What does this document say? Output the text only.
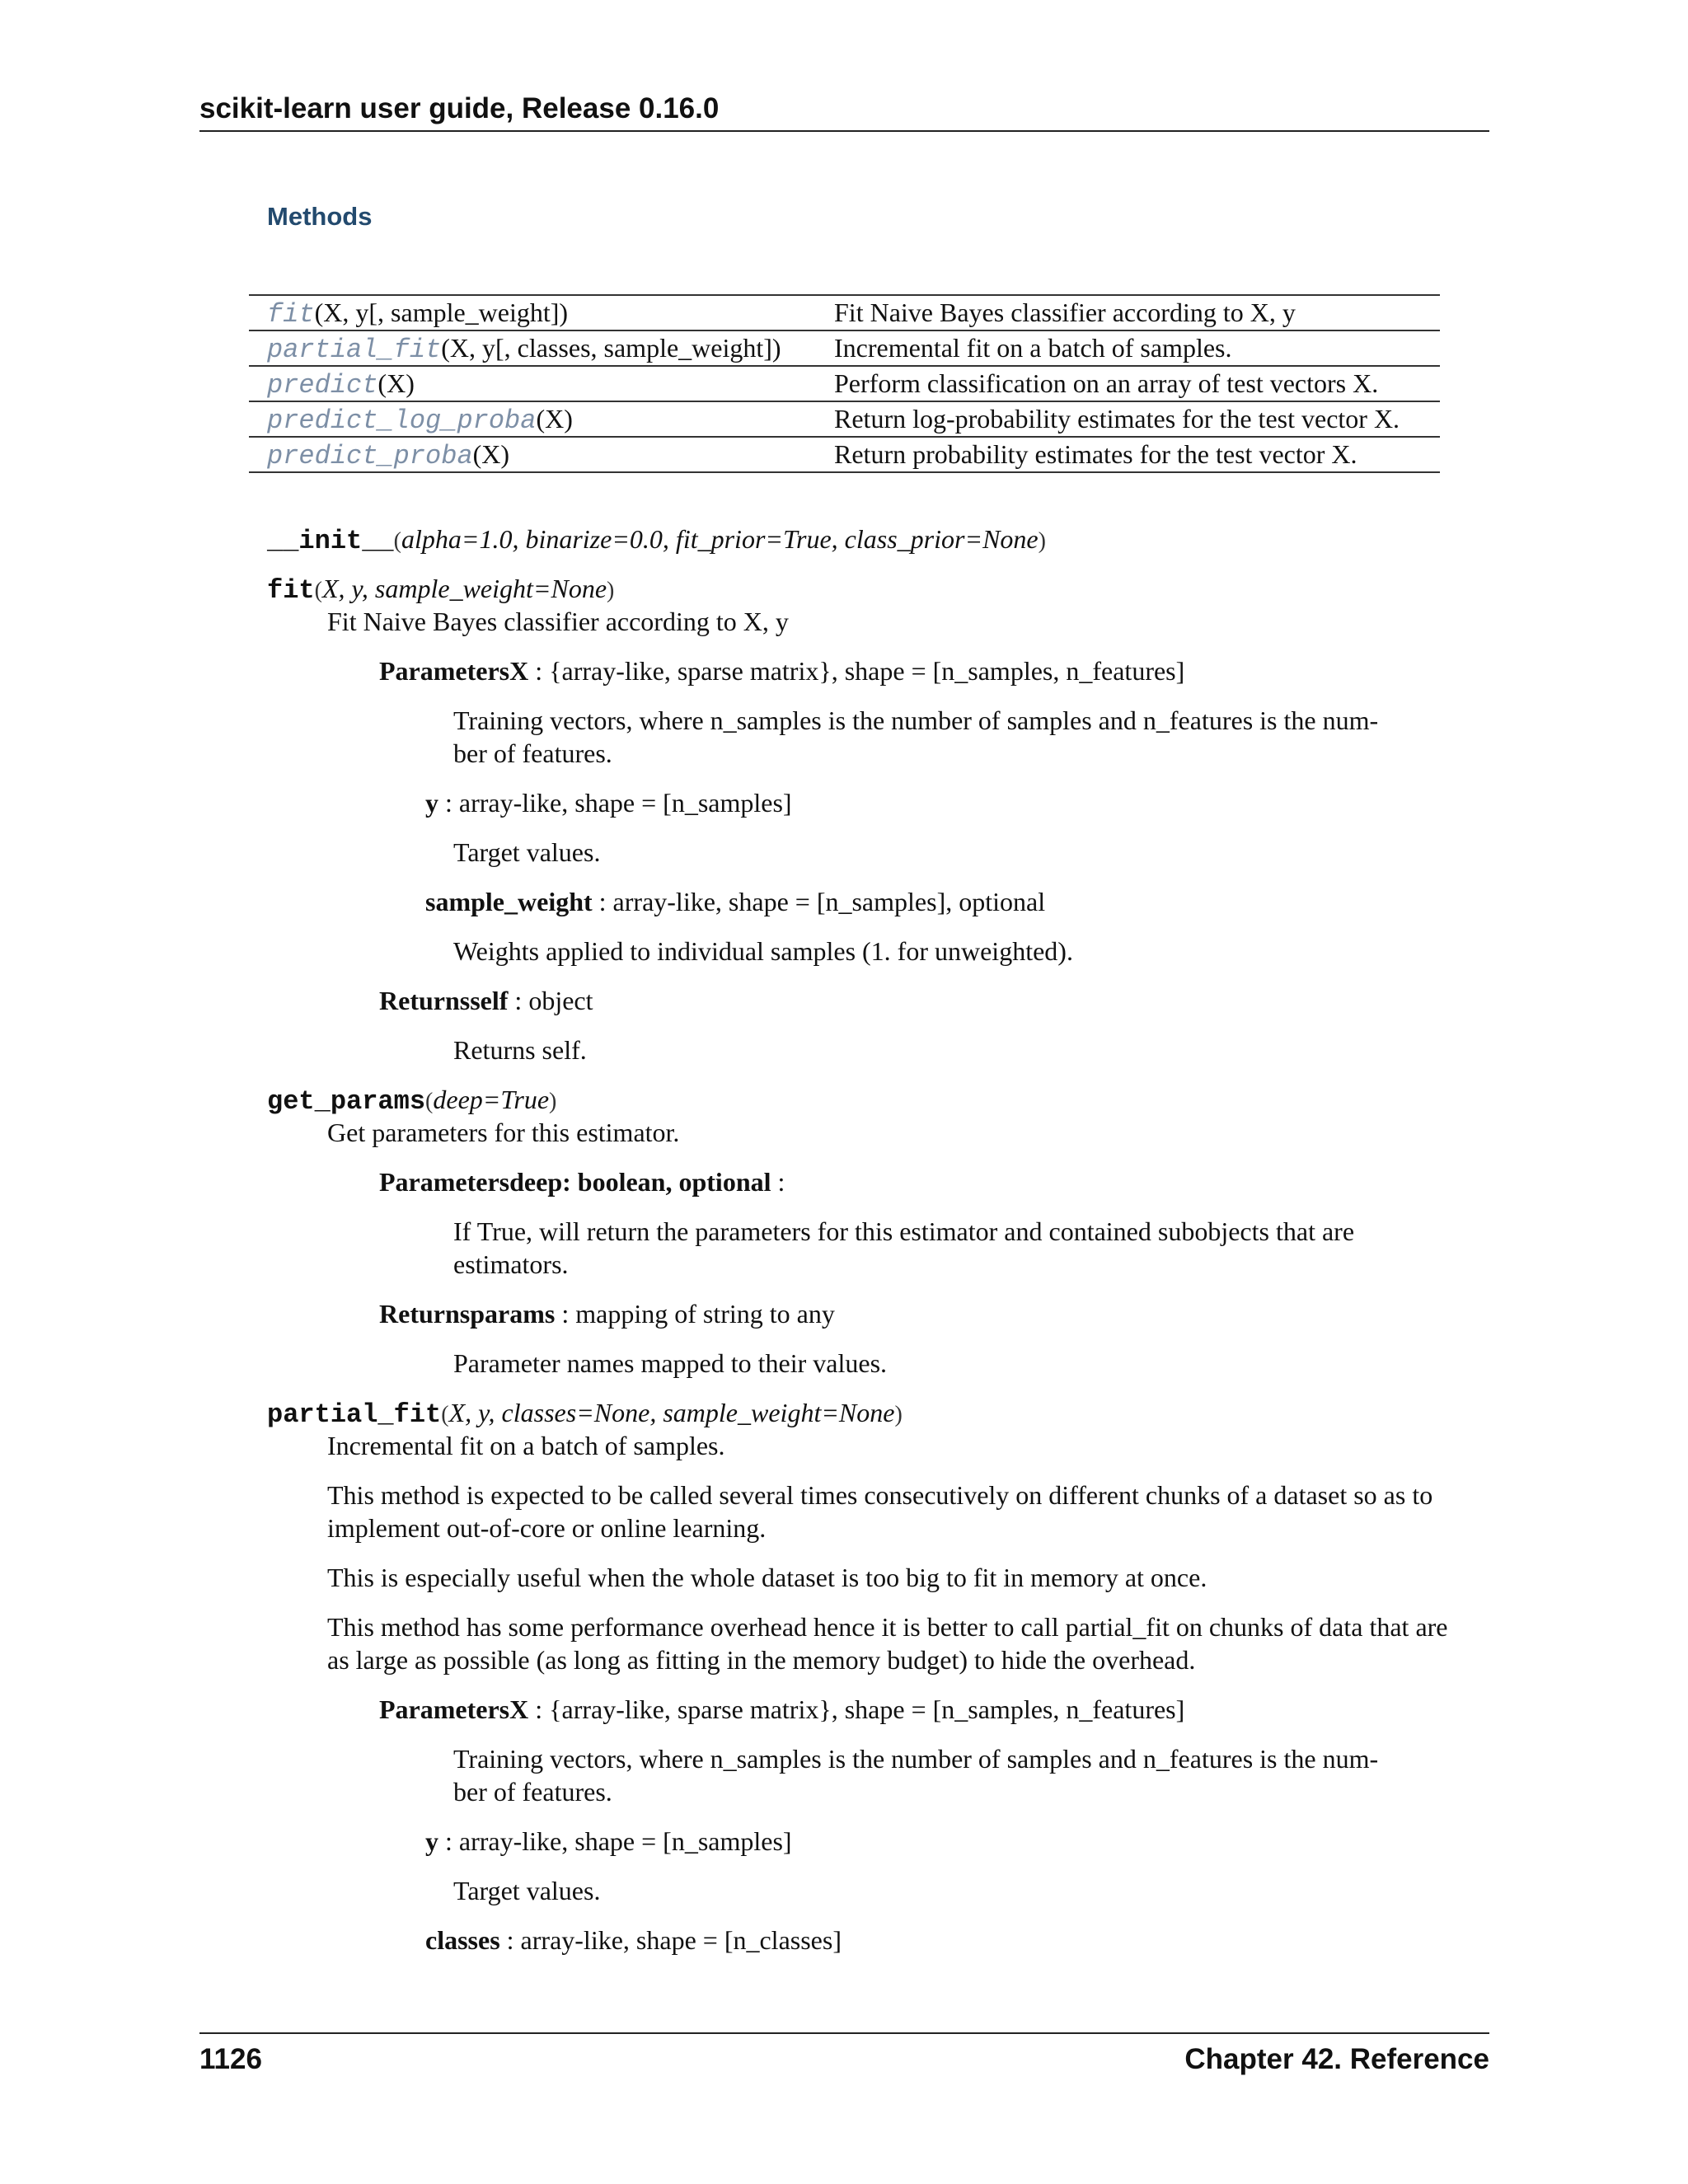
scikit-learn user guide, Release 0.16.0
Methods
fit(X, y[, sample_weight])	Fit Naive Bayes classifier according to X, y
partial_fit(X, y[, classes, sample_weight]) Incremental fit on a batch of samples.
predict(X)	Perform classification on an array of test vectors X.
predict_log_proba(X)	Return log-probability estimates for the test vector X.
predict_proba(X)	Return probability estimates for the test vector X.
__init__(alpha=1.0, binarize=0.0, fit_prior=True, class_prior=None)
fit(X, y, sample_weight=None)
Fit Naive Bayes classifier according to X, y
ParametersX : {array-like, sparse matrix}, shape = [n_samples, n_features]
Training vectors, where n_samples is the number of samples and n_features is the num-
ber of features.
y : array-like, shape = [n_samples]
Target values.
sample_weight : array-like, shape = [n_samples], optional
Weights applied to individual samples (1. for unweighted).
Returnsself : object
Returns self.
get_params(deep=True)
Get parameters for this estimator.
Parametersdeep: boolean, optional :
If True, will return the parameters for this estimator and contained subobjects that are
estimators.
Returnsparams : mapping of string to any
Parameter names mapped to their values.
partial_fit(X, y, classes=None, sample_weight=None)
Incremental fit on a batch of samples.
This method is expected to be called several times consecutively on different chunks of a dataset so as to
implement out-of-core or online learning.
This is especially useful when the whole dataset is too big to fit in memory at once.
This method has some performance overhead hence it is better to call partial_fit on chunks of data that are
as large as possible (as long as fitting in the memory budget) to hide the overhead.
ParametersX : {array-like, sparse matrix}, shape = [n_samples, n_features]
Training vectors, where n_samples is the number of samples and n_features is the num-
ber of features.
y : array-like, shape = [n_samples]
Target values.
classes : array-like, shape = [n_classes]
1126	Chapter 42. Reference
